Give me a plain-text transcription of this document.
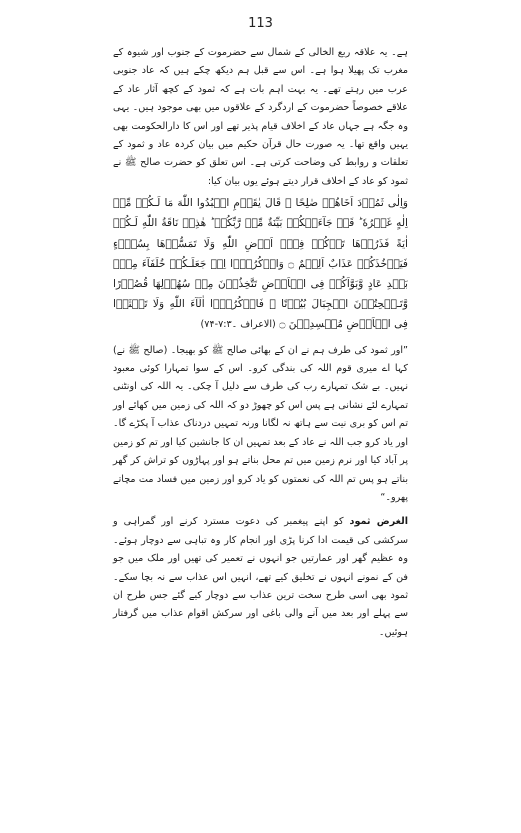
113

ہے۔ یہ علاقہ ربع الخالی کے شمال سے حضرموت کے جنوب اور شیوہ کے مغرب تک پھیلا ہوا ہے۔ اس سے قبل ہم دیکھ چکے ہیں کہ عاد جنوبی عرب میں رہتے تھے۔ یہ بہت اہم بات ہے کہ ثمود کے کچھ آثار عاد کے علاقے خصوصاً حضرموت کے اردگرد کے علاقوں میں بھی موجود ہیں۔ یہی وہ جگہ ہے جہاں عاد کے اخلاف قیام پذیر تھے اور اس کا دارالحکومت بھی یہیں واقع تھا۔ یہ صورت حال قرآن حکیم میں بیان کردہ عاد و ثمود کے تعلقات و روابط کی وضاحت کرتی ہے۔ اس تعلق کو حضرت صالح ﷺ نے ثمود کو عاد کے اخلاف قرار دیتے ہوئے یوں بیان کیا:

وَاِلٰی ثَمُوۡدَ اَخَاهُمۡ صٰلِحًا ۘ قَالَ يٰقَوۡمِ اعۡبُدُوا اللّٰهَ مَا لَـكُمۡ مِّنۡ اِلٰهٍ غَيۡرُهٗ ؕ قَدۡ جَآءَتۡكُمۡ بَيِّنَةٌ مِّنۡ رَّبِّكُمۡ ؕ هٰذِهٖ نَاقَةُ اللّٰهِ لَـكُمۡ اٰيَةً فَذَرُوۡهَا تَاۡكُلۡ فِىۡۤ اَرۡضِ اللّٰهِ وَلَا تَمَسُّوۡهَا بِسُوۡٓءٍ فَيَاۡخُذَكُمۡ عَذَابٌ اَلِيۡمٌ ۝ وَاذۡكُرُوۡۤا اِذۡ جَعَلَـكُمۡ خُلَفَآءَ مِنۡۢ بَعۡدِ عَادٍ وَّبَوَّاَكُمۡ فِى الۡاَرۡضِ تَتَّخِذُوۡنَ مِنۡ سُهُوۡلِهَا قُصُوۡرًا وَّتَـنۡحِتُوۡنَ الۡجِبَالَ بُيُوۡتًا ۚ فَاذۡكُرُوۡۤا اٰلَآءَ اللّٰهِ وَلَا تَعۡثَوۡا فِى الۡاَرۡضِ مُفۡسِدِيۡنَ ۝ (الاعراف ۔۷:۳-۷۴)

”اور ثمود کی طرف ہم نے ان کے بھائی صالح ﷺ کو بھیجا۔ (صالح ﷺ نے) کہا اے میری قوم اللہ کی بندگی کرو۔ اس کے سوا تمہارا کوئی معبود نہیں۔ بے شک تمہارے رب کی طرف سے دلیل آ چکی۔ یہ اللہ کی اونٹنی تمہارے لئے نشانی ہے پس اس کو چھوڑ دو کہ اللہ کی زمین میں کھائے اور تم اس کو بری نیت سے ہاتھ نہ لگانا ورنہ تمہیں دردناک عذاب آ پکڑے گا۔ اور یاد کرو جب اللہ نے عاد کے بعد تمہیں ان کا جانشین کیا اور تم کو زمین پر آباد کیا اور نرم زمین میں تم محل بناتے ہو اور پہاڑوں کو تراش کر گھر بناتے ہو پس تم اللہ کی نعمتوں کو یاد کرو اور زمین میں فساد مت مچاتے پھرو۔“

الغرض ثمود کو اپنے پیغمبر کی دعوت مسترد کرنے اور گمراہی و سرکشی کی قیمت ادا کرنا پڑی اور انجام کار وہ تباہی سے دوچار ہوئے۔ وہ عظیم گھر اور عمارتیں جو انہوں نے تعمیر کی تھیں اور ملک میں جو فن کے نمونے انہوں نے تخلیق کیے تھے، انہیں اس عذاب سے نہ بچا سکے۔ ثمود بھی اسی طرح سخت ترین عذاب سے دوچار کیے گئے جس طرح ان سے پہلے اور بعد میں آنے والی باغی اور سرکش اقوام عذاب میں گرفتار ہوئیں۔
